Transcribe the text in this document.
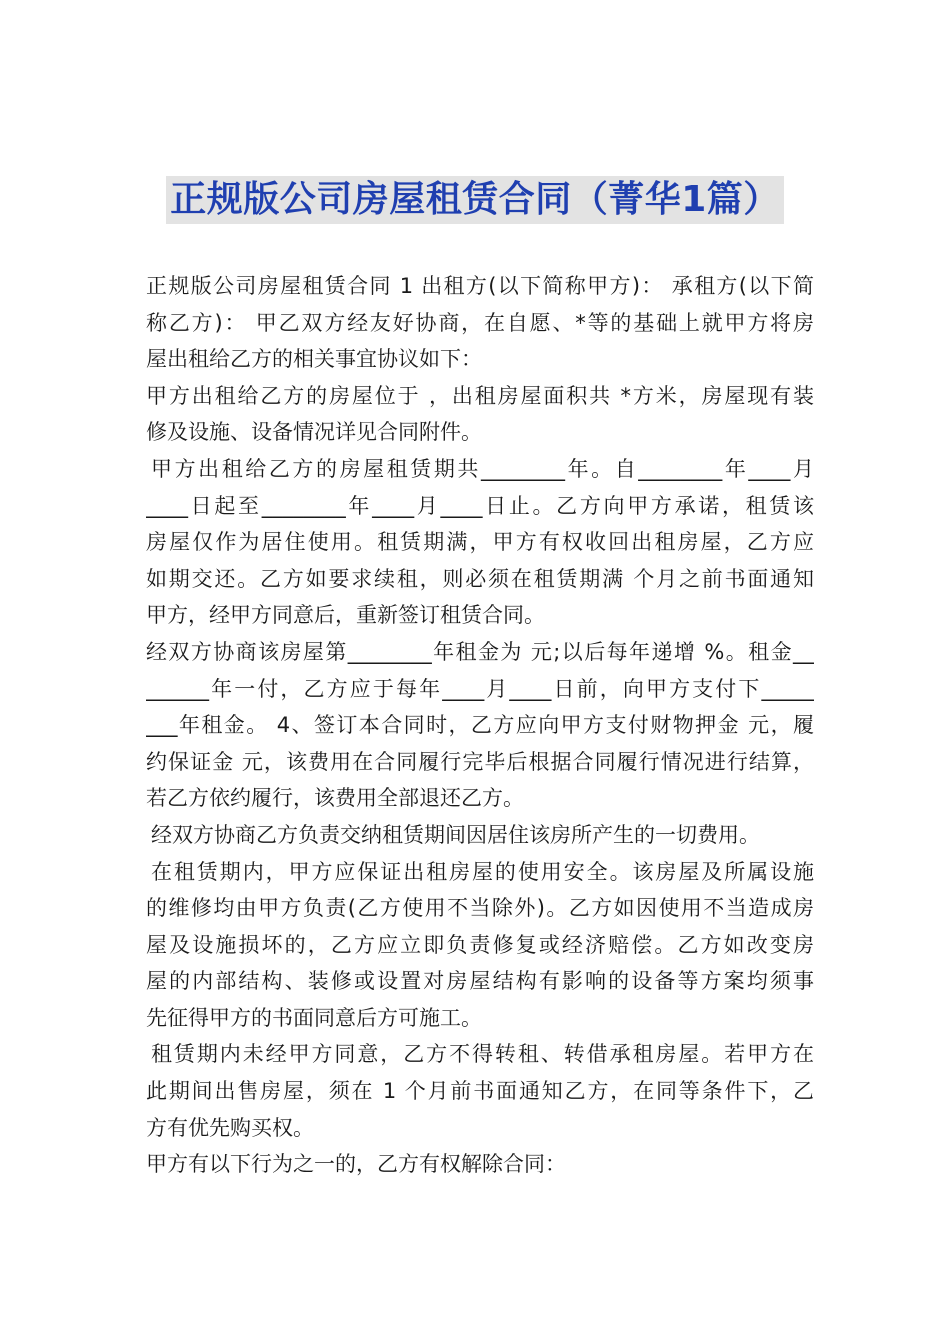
正规版公司房屋租赁合同（菁华1篇）
正规版公司房屋租赁合同 1 出租方(以下简称甲方)： 承租方(以下简
称乙方)： 甲乙双方经友好协商，在自愿、*等的基础上就甲方将房
屋出租给乙方的相关事宜协议如下：
甲方出租给乙方的房屋位于 ，出租房屋面积共 *方米，房屋现有装
修及设施、设备情况详见合同附件。
甲方出租给乙方的房屋租赁期共________年。自________年____月
____日起至________年____月____日止。乙方向甲方承诺，租赁该
房屋仅作为居住使用。租赁期满，甲方有权收回出租房屋，乙方应
如期交还。乙方如要求续租，则必须在租赁期满 个月之前书面通知
甲方，经甲方同意后，重新签订租赁合同。
经双方协商该房屋第________年租金为 元;以后每年递增 %。租金__
______年一付，乙方应于每年____月____日前，向甲方支付下_____
___年租金。 4、签订本合同时，乙方应向甲方支付财物押金 元，履
约保证金 元，该费用在合同履行完毕后根据合同履行情况进行结算，
若乙方依约履行，该费用全部退还乙方。
经双方协商乙方负责交纳租赁期间因居住该房所产生的一切费用。
在租赁期内，甲方应保证出租房屋的使用安全。该房屋及所属设施
的维修均由甲方负责(乙方使用不当除外)。乙方如因使用不当造成房
屋及设施损坏的，乙方应立即负责修复或经济赔偿。乙方如改变房
屋的内部结构、装修或设置对房屋结构有影响的设备等方案均须事
先征得甲方的书面同意后方可施工。
租赁期内未经甲方同意，乙方不得转租、转借承租房屋。若甲方在
此期间出售房屋，须在 1 个月前书面通知乙方，在同等条件下，乙
方有优先购买权。
甲方有以下行为之一的，乙方有权解除合同：
